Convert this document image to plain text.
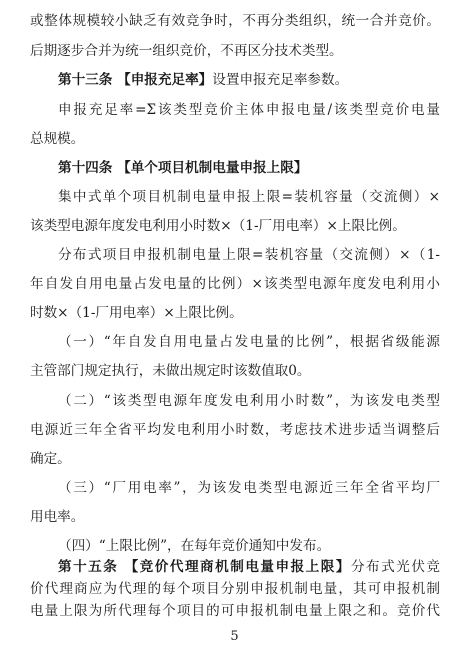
或整体规模较小缺乏有效竞争时，不再分类组织，统一合并竞价。
后期逐步合并为统一组织竞价，不再区分技术类型。
第十三条 【申报充足率】设置申报充足率参数。
申报充足率=Σ该类型竞价主体申报电量/该类型竞价电量
总规模。
第十四条 【单个项目机制电量申报上限】
集中式单个项目机制电量申报上限=装机容量（交流侧）×
该类型电源年度发电利用小时数×（1-厂用电率）×上限比例。
分布式项目申报机制电量上限=装机容量（交流侧）×（1-
年自发自用电量占发电量的比例）×该类型电源年度发电利用小
时数×（1-厂用电率）×上限比例。
（一）“年自发自用电量占发电量的比例”，根据省级能源
主管部门规定执行，未做出规定时该数值取0。
（二）“该类型电源年度发电利用小时数”，为该发电类型
电源近三年全省平均发电利用小时数，考虑技术进步适当调整后
确定。
（三）“厂用电率”，为该发电类型电源近三年全省平均厂
用电率。
（四）“上限比例”，在每年竞价通知中发布。
第十五条 【竞价代理商机制电量申报上限】分布式光伏竞
价代理商应为代理的每个项目分别申报机制电量，其可申报机制
5
电量上限为所代理每个项目的可申报机制电量上限之和。竞价代
